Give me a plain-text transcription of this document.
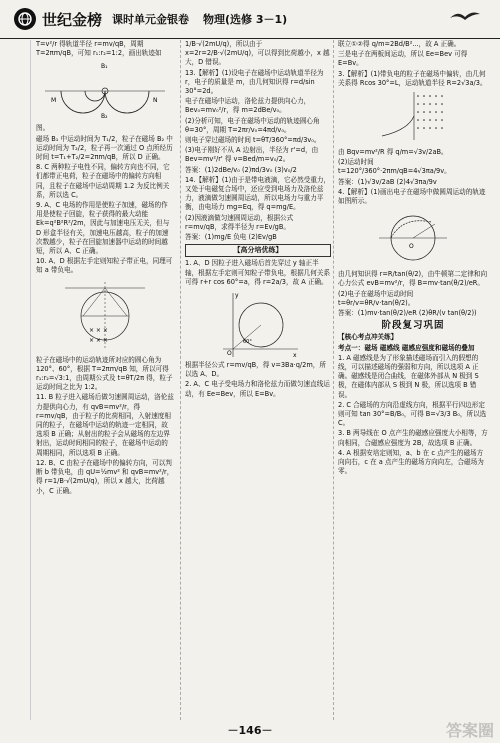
世纪金榜 课时单元金银卷 物理(选修 3－1)

T=v²/r 得轨道半径 r=mv/qB，周期 T=2πm/qB，可知 r₁:r₂=1:2，画出轨迹如

M	N
B₁
B₂

图。

磁场 B₁ 中运动时间为 T₁/2，粒子在磁场 B₂ 中运动时间为 T₂/2，粒子再一次通过 O 点所经历时间 t=T₁+T₂/2=2πm/qB，所以 D 正确。

8. C 两种粒子电性不同，偏转方向也不同，它们都带正电荷，粒子在磁场中的偏转方向相同，且粒子在磁场中运动周期 1.2 为反比例关系，所以选 C。

9. A、C 电场的作用是使粒子加速，磁场的作用是使粒子回旋，粒子获得的最大动能 Ek=q²B²R²/2m，因此与加速电压无关，但与 D 形盒半径有关，加速电压越高，粒子的加速次数越少，粒子在回旋加速器中运动的时间越短，所以 A、C 正确。

10. A、D 根据左手定则知粒子带正电，同理可知 a 带负电。

× × ×
× × ×

粒子在磁场中的运动轨迹所对应的圆心角为 120°、60°，根据 T=2πm/qB 知，所以可得 r₁:r₂=√3:1，由周期公式及 t=θT/2π 得，粒子运动时间之比为 1:2。

11. B 粒子进入磁场后做匀速圆周运动，洛伦兹力提供向心力，有 qvB=mv²/r，得 r=mv/qB，由于粒子的比荷相同，入射速度相同的粒子，在磁场中运动的轨迹一定相同，故选项 B 正确；从射出的粒子会从磁场的左边界射出，运动时间相同的粒子，在磁场中运动的周期相同，所以选项 B 正确。

12. B、C 由粒子在磁场中的偏转方向，可以判断 b 带负电，由 qU=½mv² 和 qvB=mv²/r，得 r=1/B·√(2mU/q)，所以 x 越大，比荷越小，C 正确。

1/B·√(2mU/q)，所以由于 x=2r=2/B·√(2mU/q)，可以得到比荷越小，x 越大，D 错误。

13.【解析】(1)设电子在磁场中运动轨道半径为 r，电子的质量是 m，由几何知识得 r=d/sin 30°=2d。

电子在磁场中运动，洛伦兹力提供向心力，Bev₀=mv₀²/r，得 m=2dBe/v₀。

(2)分析可知，电子在磁场中运动的轨迹圆心角 θ=30°，周期 T=2πr/v₀=4πd/v₀。

则电子穿过磁场的时间 t=θT/360°=πd/3v₀。

(3)电子刚好不从 A 边射出，半径为 r'=d，由 Bev=mv²/r' 得 v=Bed/m=v₀/2。

答案：(1)2dBe/v₀ (2)πd/3v₀ (3)v₀/2

14.【解析】(1)由于是带电液滴，它必然受重力，又处于电磁复合场中，还应受到电场力及洛伦兹力，液滴做匀速圆周运动，所以电场力与重力平衡，由电场力 mg=Eq，得 q=mg/E。

(2)因液滴做匀速圆周运动，根据公式 r=mv/qB，求得半径为 r=Ev/gB。

答案：(1)mg/E 负电 (2)Ev/gB

【高分培优练】

1. A、D 因粒子进入磁场后首先穿过 y 轴正半轴，根据左手定则可知粒子带负电，根据几何关系可得 r+r cos 60°=a，得 r=2a/3，故 A 正确。

O	x
y
60°

根据半径公式 r=mv/qB，得 v=3Ba·q/2m，所以选 A、D。

2. A、C 电子受电场力和洛伦兹力而做匀速直线运动，有 Ee=Bev，所以 E=Bv。

联立①②得 q/m=2Bd/B²...，故 A 正确。

三是电子在两板间运动，所以 Ee=Bev 可得 E=Bv。

3.【解析】(1)带负电的粒子在磁场中偏转，由几何关系得 Rcos 30°=L，运动轨道半径 R=2√3a/3。

由 Bqv=mv²/R 得 q/m=√3v/2aB。

(2)运动时间 t=120°/360°·2πm/qB=4√3πa/9v。

答案：(1)√3v/2aB (2)4√3πa/9v

4.【解析】(1)画出电子在磁场中做圆周运动的轨迹如图所示。

O

由几何知识得 r=R/tan(θ/2)，由牛顿第二定律和向心力公式 evB=mv²/r，得 B=mv·tan(θ/2)/eR。

(2)电子在磁场中运动时间 t=θr/v=θR/v·tan(θ/2)。

答案：(1)mv·tan(θ/2)/eR (2)θR/(v tan(θ/2))

阶段复习巩固

【核心考点冲关练】

考点一：磁场 磁感线 磁感应强度和磁场的叠加

1. A 磁感线是为了形象描述磁场而引入的假想的线，可以描述磁场的强弱和方向，所以选项 A 正确。磁感线是闭合曲线，在磁体外部从 N 极到 S 极，在磁体内部从 S 极到 N 极，所以选项 B 错误。

2. C 合磁场的方向沿虚线方向，根据平行四边形定则可知 tan 30°=B/B₀，可得 B=√3/3 B₀，所以选 C。

3. B 两导线在 O 点产生的磁感应强度大小相等，方向相同，合磁感应强度为 2B，故选项 B 正确。

4. A 根据安培定则知，a、b 在 c 点产生的磁场方向向右，c 在 a 点产生的磁场方向向左，合磁场为零。

－146－	答案圈
